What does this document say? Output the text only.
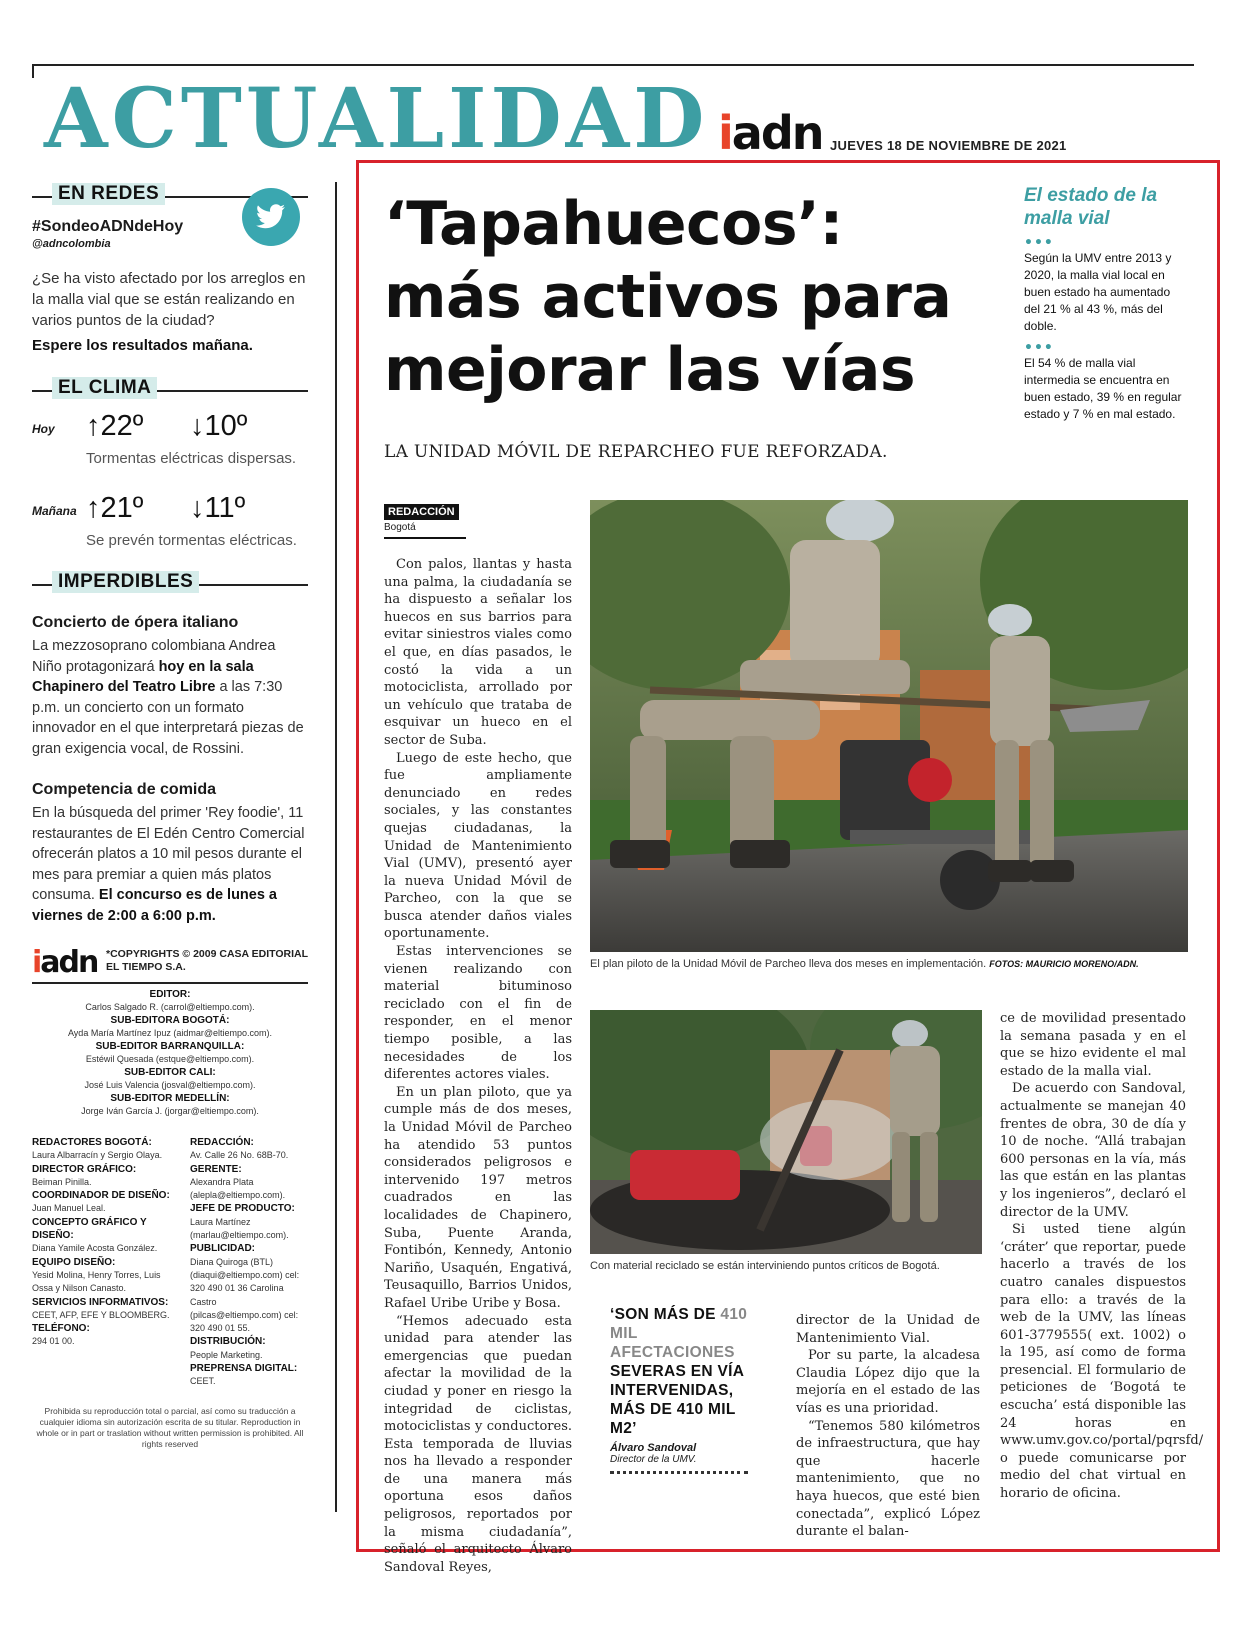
ACTUALIDAD iadn JUEVES 18 DE NOVIEMBRE DE 2021
EN REDES
#SondeoADNdeHoy
@adncolombia
¿Se ha visto afectado por los arreglos en la malla vial que se están realizando en varios puntos de la ciudad?
Espere los resultados mañana.
EL CLIMA
Hoy ↑22º ↓10º
Tormentas eléctricas dispersas.
Mañana ↑21º ↓11º
Se prevén tormentas eléctricas.
IMPERDIBLES
Concierto de ópera italiano
La mezzosoprano colombiana Andrea Niño protagonizará hoy en la sala Chapinero del Teatro Libre a las 7:30 p.m. un concierto con un formato innovador en el que interpretará piezas de gran exigencia vocal, de Rossini.
Competencia de comida
En la búsqueda del primer 'Rey foodie', 11 restaurantes de El Edén Centro Comercial ofrecerán platos a 10 mil pesos durante el mes para premiar a quien más platos consuma. El concurso es de lunes a viernes de 2:00 a 6:00 p.m.
iadn *COPYRIGHTS © 2009 CASA EDITORIAL EL TIEMPO S.A.
EDITOR:
Carlos Salgado R. (carrol@eltiempo.com).
SUB-EDITORA BOGOTÁ:
Ayda María Martínez Ipuz (aidmar@eltiempo.com).
SUB-EDITOR BARRANQUILLA:
Estéwil Quesada (estque@eltiempo.com).
SUB-EDITOR CALI:
José Luis Valencia (josval@eltiempo.com).
SUB-EDITOR MEDELLÍN:
Jorge Iván García J. (jorgar@eltiempo.com).
REDACTORES BOGOTÁ:
Laura Albarracín y Sergio Olaya.
DIRECTOR GRÁFICO:
Beiman Pinilla.
COORDINADOR DE DISEÑO:
Juan Manuel Leal.
CONCEPTO GRÁFICO Y DISEÑO:
Diana Yamile Acosta González.
EQUIPO DISEÑO:
Yesid Molina, Henry Torres, Luis Ossa y Nilson Canasto.
SERVICIOS INFORMATIVOS:
CEET, AFP, EFE Y BLOOMBERG.
TELÉFONO:
294 01 00.
REDACCIÓN:
Av. Calle 26 No. 68B-70.
GERENTE:
Alexandra Plata (alepla@eltiempo.com).
JEFE DE PRODUCTO:
Laura Martínez (marlau@eltiempo.com).
PUBLICIDAD:
Diana Quiroga (BTL) (diaqui@eltiempo.com) cel: 320 490 01 36 Carolina Castro (pilcas@eltiempo.com) cel: 320 490 01 55.
DISTRIBUCIÓN:
People Marketing.
PREPRENSA DIGITAL:
CEET.
Prohibida su reproducción total o parcial, así como su traducción a cualquier idioma sin autorización escrita de su titular. Reproduction in whole or in part or traslation without written permission is prohibited. All rights reserved
‘Tapahuecos’: más activos para mejorar las vías
LA UNIDAD MÓVIL DE REPARCHEO FUE REFORZADA.
El estado de la malla vial
•••
Según la UMV entre 2013 y 2020, la malla vial local en buen estado ha aumentado del 21 % al 43 %, más del doble.
•••
El 54 % de malla vial intermedia se encuentra en buen estado, 39 % en regular estado y 7 % en mal estado.
REDACCIÓN
Bogotá

Con palos, llantas y hasta una palma, la ciudadanía se ha dispuesto a señalar los huecos en sus barrios para evitar siniestros viales como el que, en días pasados, le costó la vida a un motociclista, arrollado por un vehículo que trataba de esquivar un hueco en el sector de Suba.

Luego de este hecho, que fue ampliamente denunciado en redes sociales, y las constantes quejas ciudadanas, la Unidad de Mantenimiento Vial (UMV), presentó ayer la nueva Unidad Móvil de Parcheo, con la que se busca atender daños viales oportunamente.

Estas intervenciones se vienen realizando con material bituminoso reciclado con el fin de responder, en el menor tiempo posible, a las necesidades de los diferentes actores viales.

En un plan piloto, que ya cumple más de dos meses, la Unidad Móvil de Parcheo ha atendido 53 puntos considerados peligrosos e intervenido 197 metros cuadrados en las localidades de Chapinero, Suba, Puente Aranda, Fontibón, Kennedy, Antonio Nariño, Usaquén, Engativá, Teusaquillo, Barrios Unidos, Rafael Uribe Uribe y Bosa.

“Hemos adecuado esta unidad para atender las emergencias que puedan afectar la movilidad de la ciudad y poner en riesgo la integridad de ciclistas, motociclistas y conductores. Esta temporada de lluvias nos ha llevado a responder de una manera más oportuna esos daños peligrosos, reportados por la misma ciudadanía”, señaló el arquitecto Álvaro Sandoval Reyes,

El plan piloto de la Unidad Móvil de Parcheo lleva dos meses en implementación. FOTOS: MAURICIO MORENO/ADN.
Con material reciclado se están interviniendo puntos críticos de Bogotá.
‘SON MÁS DE 410 MIL AFECTACIONES SEVERAS EN VÍA INTERVENIDAS, MÁS DE 410 MIL M2’
Álvaro Sandoval
Director de la UMV.

director de la Unidad de Mantenimiento Vial.

Por su parte, la alcadesa Claudia López dijo que la mejoría en el estado de las vías es una prioridad.

“Tenemos 580 kilómetros de infraestructura, que hay que hacerle mantenimiento, que no haya huecos, que esté bien conectada”, explicó López durante el balan-

ce de movilidad presentado la semana pasada y en el que se hizo evidente el mal estado de la malla vial.

De acuerdo con Sandoval, actualmente se manejan 40 frentes de obra, 30 de día y 10 de noche. “Allá trabajan 600 personas en la vía, más las que están en las plantas y los ingenieros”, declaró el director de la UMV.

Si usted tiene algún ‘cráter’ que reportar, puede hacerlo a través de los cuatro canales dispuestos para ello: a través de la web de la UMV, las líneas 601-3779555( ext. 1002) o la 195, así como de forma presencial. El formulario de peticiones de ‘Bogotá te escucha’ está disponible las 24 horas en www.umv.gov.co/portal/pqrsfd/ o puede comunicarse por medio del chat virtual en horario de oficina.
